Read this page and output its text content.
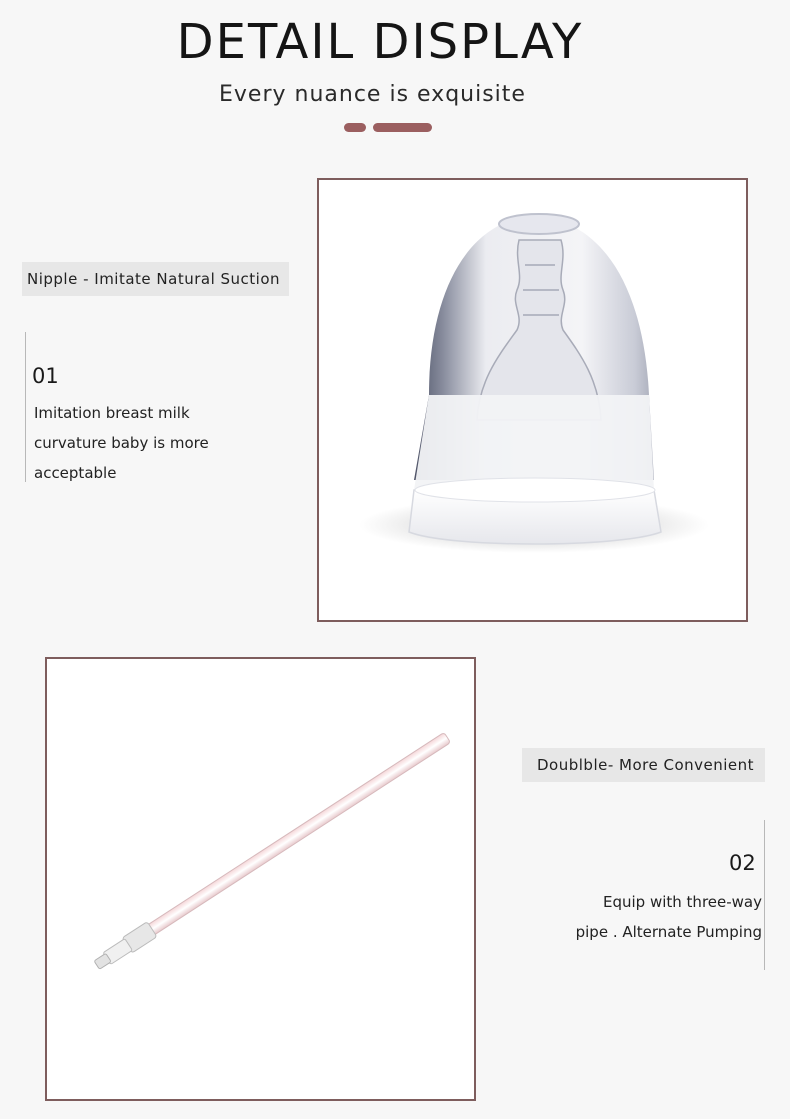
DETAIL DISPLAY
Every nuance is exquisite
Nipple - Imitate Natural Suction
01
Imitation breast milk
curvature baby is more
acceptable
Doublble- More Convenient
02
Equip with three-way
pipe . Alternate Pumping
